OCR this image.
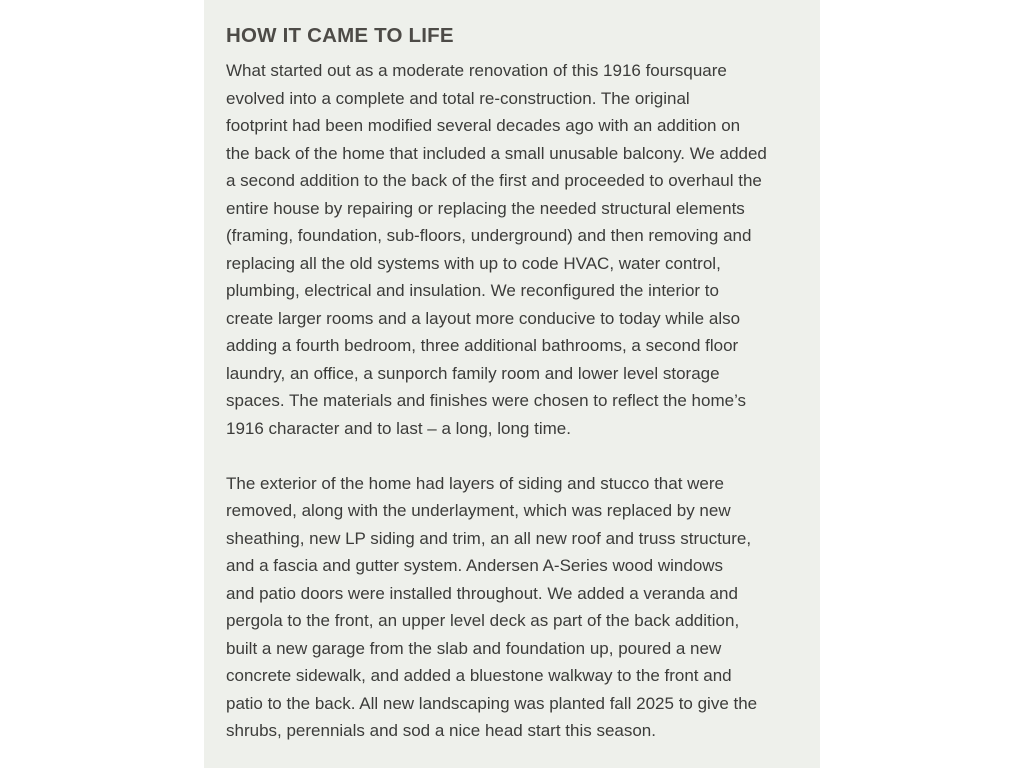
HOW IT CAME TO LIFE

What started out as a moderate renovation of this 1916 foursquare
evolved into a complete and total re-construction. The original
footprint had been modified several decades ago with an addition on
the back of the home that included a small unusable balcony. We added
a second addition to the back of the first and proceeded to overhaul the
entire house by repairing or replacing the needed structural elements
(framing, foundation, sub-floors, underground) and then removing and
replacing all the old systems with up to code HVAC, water control,
plumbing, electrical and insulation. We reconfigured the interior to
create larger rooms and a layout more conducive to today while also
adding a fourth bedroom, three additional bathrooms, a second floor
laundry, an office, a sunporch family room and lower level storage
spaces. The materials and finishes were chosen to reflect the home’s
1916 character and to last – a long, long time.

The exterior of the home had layers of siding and stucco that were
removed, along with the underlayment, which was replaced by new
sheathing, new LP siding and trim, an all new roof and truss structure,
and a fascia and gutter system. Andersen A-Series wood windows
and patio doors were installed throughout. We added a veranda and
pergola to the front, an upper level deck as part of the back addition,
built a new garage from the slab and foundation up, poured a new
concrete sidewalk, and added a bluestone walkway to the front and
patio to the back. All new landscaping was planted fall 2025 to give the
shrubs, perennials and sod a nice head start this season.
